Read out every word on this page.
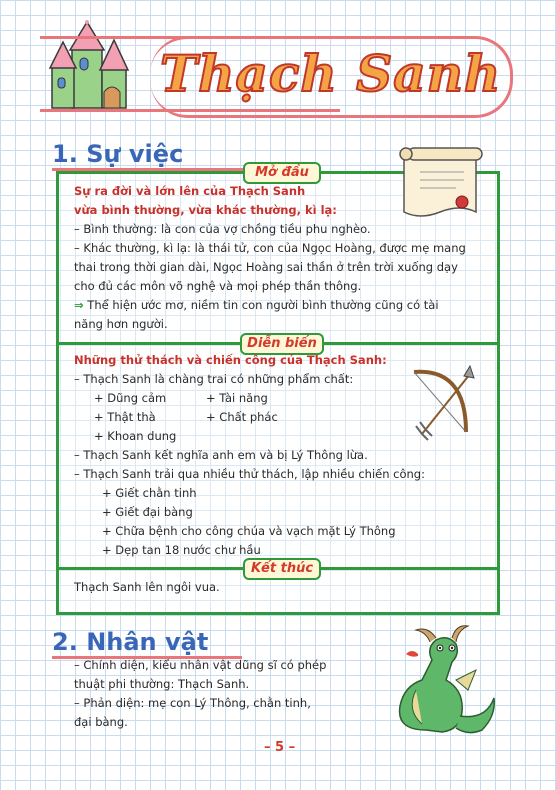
Thạch Sanh
1. Sự việc
Mở đầu
Diễn biến
Kết thúc
Sự ra đời và lớn lên của Thạch Sanh
vừa bình thường, vừa khác thường, kì lạ:
– Bình thường: là con của vợ chồng tiều phu nghèo.
– Khác thường, kì lạ: là thái tử, con của Ngọc Hoàng, được mẹ mang
thai trong thời gian dài, Ngọc Hoàng sai thần ở trên trời xuống dạy
cho đủ các môn võ nghệ và mọi phép thần thông.
⇒ Thể hiện ước mơ, niềm tin con người bình thường cũng có tài
năng hơn người.
Những thử thách và chiến công của Thạch Sanh:
– Thạch Sanh là chàng trai có những phẩm chất:
+ Dũng cảm	+ Tài năng
+ Thật thà	+ Chất phác
+ Khoan dung
– Thạch Sanh kết nghĩa anh em và bị Lý Thông lừa.
– Thạch Sanh trải qua nhiều thử thách, lập nhiều chiến công:
+ Giết chằn tinh
+ Giết đại bàng
+ Chữa bệnh cho công chúa và vạch mặt Lý Thông
+ Dẹp tan 18 nước chư hầu
Thạch Sanh lên ngôi vua.
2. Nhân vật
– Chính diện, kiểu nhân vật dũng sĩ có phép
thuật phi thường: Thạch Sanh.
– Phản diện: mẹ con Lý Thông, chằn tinh,
đại bàng.
– 5 –
